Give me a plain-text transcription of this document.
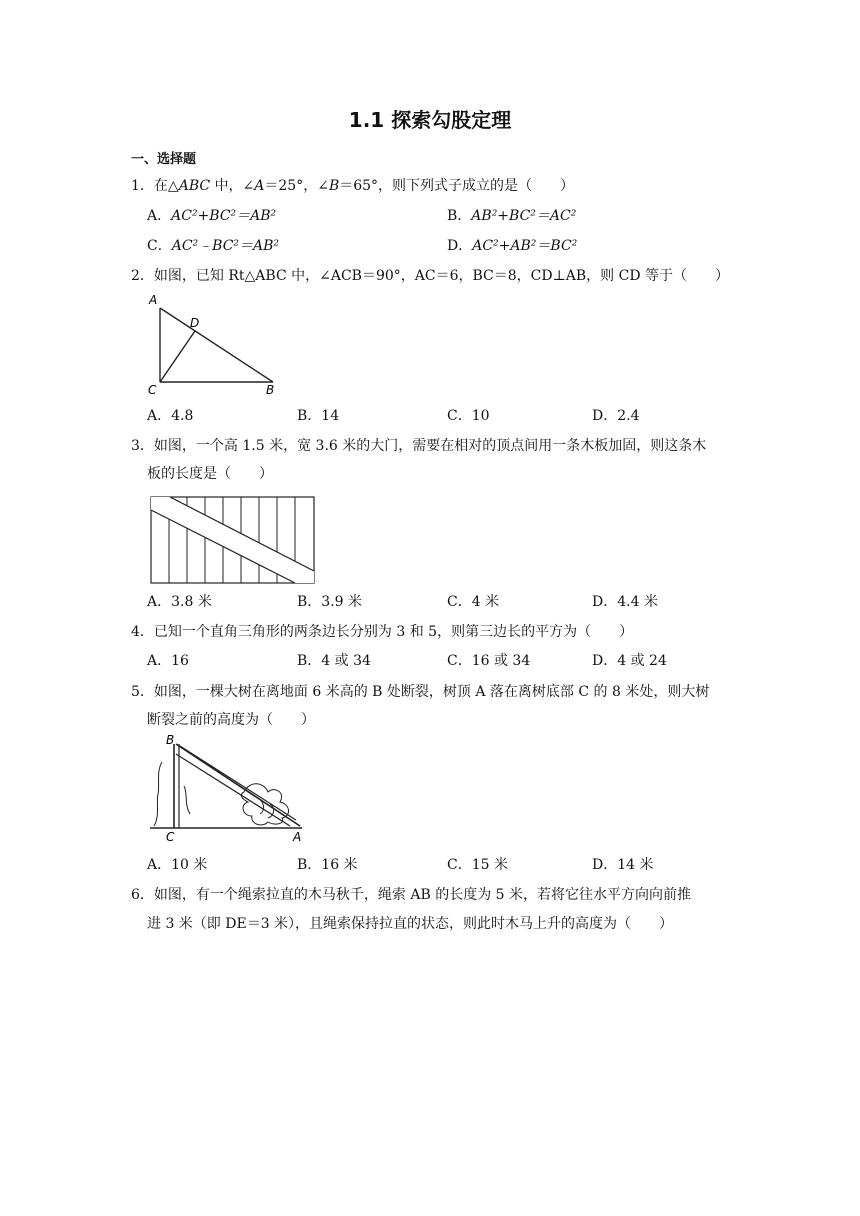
1.1 探索勾股定理
一、选择题
1．在△ABC 中，∠A＝25°，∠B＝65°，则下列式子成立的是（　　）
A．AC²+BC²＝AB²	B．AB²+BC²＝AC²
C．AC²﹣BC²＝AB²	D．AC²+AB²＝BC²
2．如图，已知 Rt△ABC 中，∠ACB＝90°，AC＝6，BC＝8，CD⊥AB，则 CD 等于（　　）
A
D
C	B
A．4.8	B．14	C．10	D．2.4
3．如图，一个高 1.5 米，宽 3.6 米的大门，需要在相对的顶点间用一条木板加固，则这条木
板的长度是（　　）
A．3.8 米	B．3.9 米	C．4 米	D．4.4 米
4．已知一个直角三角形的两条边长分别为 3 和 5，则第三边长的平方为（　　）
A．16	B．4 或 34	C．16 或 34	D．4 或 24
5．如图，一棵大树在离地面 6 米高的 B 处断裂，树顶 A 落在离树底部 C 的 8 米处，则大树
断裂之前的高度为（　　）
B
C	A
A．10 米	B．16 米	C．15 米	D．14 米
6．如图，有一个绳索拉直的木马秋千，绳索 AB 的长度为 5 米，若将它往水平方向向前推
进 3 米（即 DE＝3 米），且绳索保持拉直的状态，则此时木马上升的高度为（　　）
